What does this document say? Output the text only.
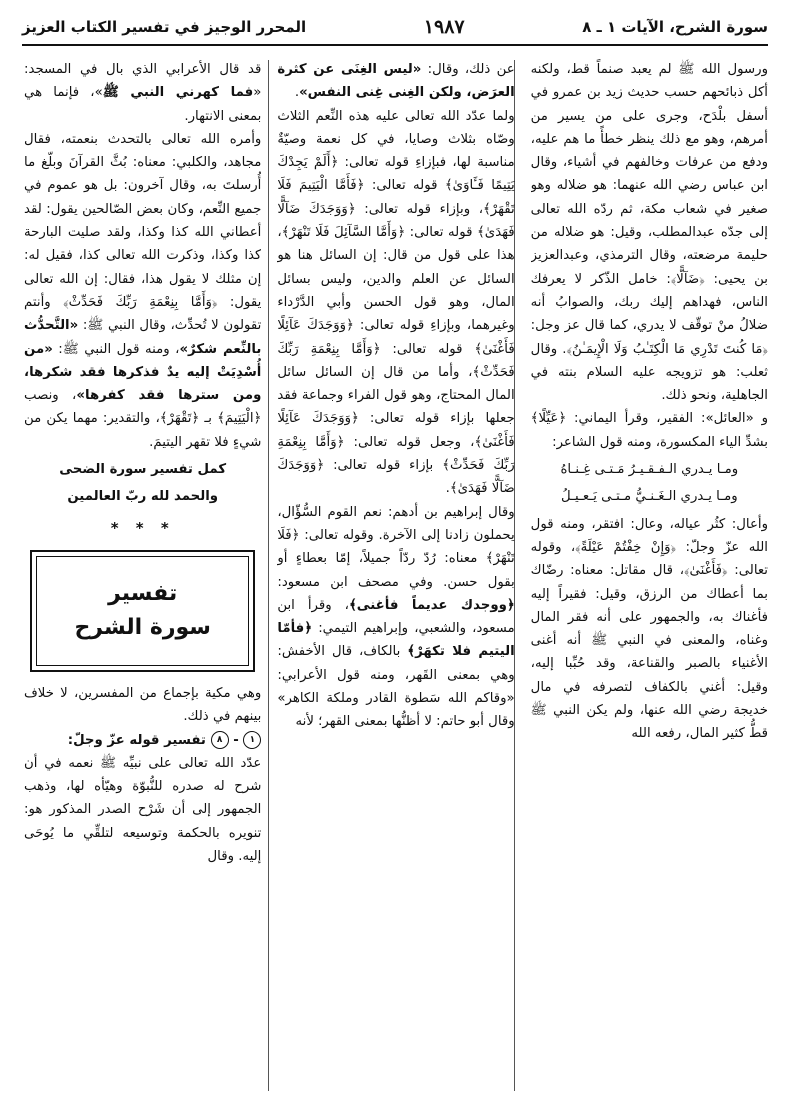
المحرر الوجيز في تفسير الكتاب العزيز	١٩٨٧	سورة الشرح، الآيات ١ ـ ٨

ورسول الله ﷺ لم يعبد صنماً قط، ولكنه أكل ذبائحهم حسب حديث زيد بن عمرو في أسفل بلْدَح، وجرى على من يسير من أمرهم، وهو مع ذلك ينظر خطأً ما هم عليه، ودفع من عرفات وخالفهم في أشياء، وقال ابن عباس رضي الله عنهما: هو ضلاله وهو صغير في شعاب مكة، ثم ردّه الله تعالى إلى جدّه عبدالمطلب، وقيل: هو ضلاله من حليمة مرضعته، وقال الترمذي، وعبدالعزيز بن يحيى: ﴿ضَآلًّا﴾: خامل الذّكر لا يعرفك الناس، فهداهم إليك ربك، والصوابُ أنه ضلالُ منْ توقّف لا يدري، كما قال عز وجل: ﴿مَا كُنتَ تَدْرِي مَا الْكِتَـٰبُ وَلَا الْإِيمَـٰنُ﴾. وقال ثعلب: هو تزويجه عليه السلام بنته في الجاهلية، ونحو ذلك.

و «العائل»: الفقير، وقرأ اليماني: ﴿عَيِّلًا﴾ بشدِّ الياء المكسورة، ومنه قول الشاعر:

ومـا يـدري الـفـقـيـرُ مَـتـى غِـنـاهُ

ومـا يـدري الـغَـنـيُّ مـتـى يَـعـيـلُ

وأعال: كثُر عياله، وعال: افتقر، ومنه قول الله عزّ وجلّ: ﴿وَإِنْ خِفْتُمْ عَيْلَةً﴾، وقوله تعالى: ﴿فَأَغْنَىٰ﴾، قال مقاتل: معناه: رضّاك بما أعطاك من الرزق، وقيل: فقيراً إليه فأغناك به، والجمهور على أنه فقر المال وغناه، والمعنى في النبي ﷺ أنه أغنى الأغنياء بالصبر والقناعة، وقد حُبِّبا إليه، وقيل: أغني بالكفاف لتصرفه في مال خديجة رضي الله عنها، ولم يكن النبي ﷺ قطُّ كثير المال، رفعه الله

عن ذلك، وقال: «ليس الغِنَى عن كثرة العرَض، ولكن الغِنى غِنى النفس».

ولما عدّد الله تعالى عليه هذه النِّعم الثلاث وصّاه بثلاث وصايا، في كل نعمة وصيّةٌ مناسبة لها، فبإزاءِ قوله تعالى: ﴿أَلَمْ يَجِدْكَ يَتِيمًا فَـَٔاوَىٰ﴾ قوله تعالى: ﴿فَأَمَّا الْيَتِيمَ فَلَا تَقْهَرْ﴾، وبإزاء قوله تعالى: ﴿وَوَجَدَكَ ضَآلًّا فَهَدَىٰ﴾ قوله تعالى: ﴿وَأَمَّا السَّآئِلَ فَلَا تَنْهَرْ﴾، هذا على قول من قال: إن السائل هنا هو السائل عن العلم والدين، وليس بسائل المال، وهو قول الحسن وأبي الدَّرْداء وغيرهما، وبإزاءِ قوله تعالى: ﴿وَوَجَدَكَ عَآئِلًا فَأَغْنَىٰ﴾ قوله تعالى: ﴿وَأَمَّا بِنِعْمَةِ رَبِّكَ فَحَدِّثْ﴾، وأما من قال إن السائل سائل المال المحتاج، وهو قول الفراء وجماعة فقد جعلها بإزاء قوله تعالى: ﴿وَوَجَدَكَ عَآئِلًا فَأَغْنَىٰ﴾، وجعل قوله تعالى: ﴿وَأَمَّا بِنِعْمَةِ رَبِّكَ فَحَدِّثْ﴾ بإزاء قوله تعالى: ﴿وَوَجَدَكَ ضَآلًّا فَهَدَىٰ﴾.

وقال إبراهيم بن أدهم: نعم القوم السُّؤّال، يحملون زادنا إلى الآخرة. وقوله تعالى: ﴿فَلَا تَنْهَرْ﴾ معناه: رُدّ ردّاً جميلاً، إمّا بعطاءٍ أو بقول حسن. وفي مصحف ابن مسعود: ﴿ووجدك عديماً فأغنى﴾، وقرأ ابن مسعود، والشعبي، وإبراهيم التيمي: ﴿فأمّا اليتيم فلا تكهَرْ﴾ بالكاف، قال الأخفش: وهي بمعنى القَهر، ومنه قول الأعرابي: «وقاكم الله سَطوة القادر وملكة الكاهر» وقال أبو حاتم: لا أظنُّها بمعنى القهر؛ لأنه

قد قال الأعرابي الذي بال في المسجد: «فما كهرني النبي ﷺ»، فإنما هي بمعنى الانتهار.

وأمره الله تعالى بالتحدث بنعمته، فقال مجاهد، والكلبي: معناه: بُثَّ القرآنَ وبلّغ ما أُرسلتَ به، وقال آخرون: بل هو عموم في جميع النِّعم، وكان بعض الصّالحين يقول: لقد أعطاني الله كذا وكذا، ولقد صليت البارحة كذا وكذا، وذكرت الله تعالى كذا، فقيل له: إن مثلك لا يقول هذا، فقال: إن الله تعالى يقول: ﴿وَأَمَّا بِنِعْمَةِ رَبِّكَ فَحَدِّثْ﴾ وأنتم تقولون لا تُحدِّث، وقال النبي ﷺ: «التَّحدُّث بالنِّعم شكرٌ»، ومنه قول النبي ﷺ: «من أُسْدِيَتْ إليه يدٌ فذكرها فقد شكرها، ومن سترها فقد كفرها»، ونصب ﴿الْيَتِيمَ﴾ بـ ﴿تَقْهَرْ﴾، والتقدير: مهما يكن من شيءٍ فلا تقهر اليتيمَ.

كمل تفسير سورة الضحى

والحمد لله ربّ العالمين

* * *

تفسير
سورة الشرح

وهي مكية بإجماع من المفسرين، لا خلاف بينهم في ذلك.

١ - ٨ تفسير قوله عزّ وجلّ:

عدّد الله تعالى على نبيِّه ﷺ نعمه في أن شرح له صدره للنُّبوّة وهيّأه لها، وذهب الجمهور إلى أن شَرْح الصدر المذكور هو: تنويره بالحكمة وتوسيعه لتلقِّي ما يُوحَى إليه. وقال
